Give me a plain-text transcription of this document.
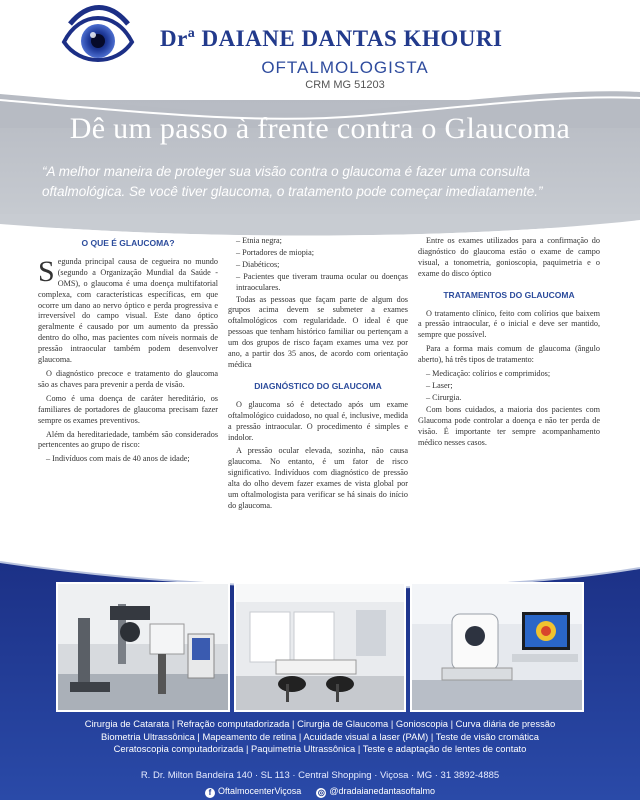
Drª DAIANE DANTAS KHOURI
OFTALMOLOGISTA
CRM MG 51203
Dê um passo à frente contra o Glaucoma
“A melhor maneira de proteger sua visão contra o glaucoma é fazer uma consulta oftalmológica. Se você tiver glaucoma, o tratamento pode começar imediatamente.”
O QUE É GLAUCOMA?

Segunda principal causa de cegueira no mundo (segundo a Organização Mundial da Saúde - OMS), o glaucoma é uma doença multifatorial complexa, com características específicas, em que ocorre um dano ao nervo óptico e perda progressiva e irreversível do campo visual. Este dano óptico geralmente é causado por um aumento da pressão dentro do olho, mas pacientes com níveis normais de pressão intraocular também podem desenvolver glaucoma.

O diagnóstico precoce e tratamento do glaucoma são as chaves para prevenir a perda de visão.

Como é uma doença de caráter hereditário, os familiares de portadores de glaucoma precisam fazer sempre os exames preventivos.

Além da hereditariedade, também são considerados pertencentes ao grupo de risco:

– Indivíduos com mais de 40 anos de idade;
– Etnia negra;
– Portadores de miopia;
– Diabéticos;
– Pacientes que tiveram trauma ocular ou doenças intraoculares.

Todas as pessoas que façam parte de algum dos grupos acima devem se submeter a exames oftalmológicos com regularidade. O ideal é que pessoas que tenham histórico familiar ou pertençam a um dos grupos de risco façam exames uma vez por ano, a partir dos 35 anos, de acordo com orientação médica

DIAGNÓSTICO DO GLAUCOMA

O glaucoma só é detectado após um exame oftalmológico cuidadoso, no qual é, inclusive, medida a pressão intraocular. O procedimento é simples e indolor.

A pressão ocular elevada, sozinha, não causa glaucoma. No entanto, é um fator de risco significativo. Indivíduos com diagnóstico de pressão alta do olho devem fazer exames de vista global por um oftalmologista para verificar se há sinais do início do glaucoma.

Entre os exames utilizados para a confirmação do diagnóstico do glaucoma estão o exame de campo visual, a tonometria, gonioscopia, paquimetria e o exame do disco óptico

TRATAMENTOS DO GLAUCOMA

O tratamento clínico, feito com colírios que baixem a pressão intraocular, é o inicial e deve ser mantido, sempre que possível.

Para a forma mais comum de glaucoma (ângulo aberto), há três tipos de tratamento:

– Medicação: colírios e comprimidos;
– Laser;
– Cirurgia.

Com bons cuidados, a maioria dos pacientes com Glaucoma pode controlar a doença e não ter perda de visão. É importante ter sempre acompanhamento médico nesses casos.

Cirurgia de Catarata | Refração computadorizada | Cirurgia de Glaucoma | Gonioscopia | Curva diária de pressão
Biometria Ultrassônica | Mapeamento de retina | Acuidade visual a laser (PAM) | Teste de visão cromática
Ceratoscopia computadorizada | Paquimetria Ultrassônica | Teste e adaptação de lentes de contato
R. Dr. Milton Bandeira 140 · SL 113 · Central Shopping · Viçosa · MG · 31 3892-4885
f OftalmocenterViçosa ◎ @dradaianedantasoftalmo
